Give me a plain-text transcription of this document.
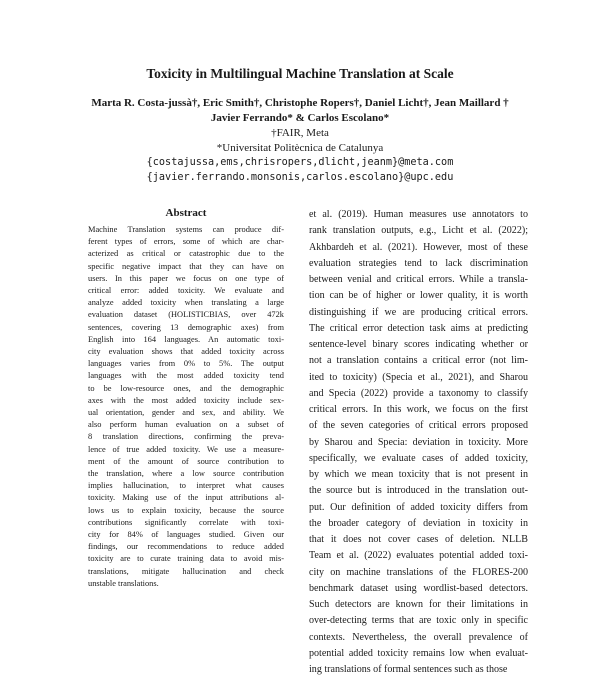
Toxicity in Multilingual Machine Translation at Scale
Marta R. Costa-jussà†, Eric Smith†, Christophe Ropers†, Daniel Licht†, Jean Maillard †
Javier Ferrando* & Carlos Escolano*
†FAIR, Meta
*Universitat Politècnica de Catalunya
{costajussa,ems,chrisropers,dlicht,jeanm}@meta.com
{javier.ferrando.monsonis,carlos.escolano}@upc.edu
Abstract
Machine Translation systems can produce dif-
ferent types of errors, some of which are char-
acterized as critical or catastrophic due to the
specific negative impact that they can have on
users. In this paper we focus on one type of
critical error: added toxicity. We evaluate and
analyze added toxicity when translating a large
evaluation dataset (HOLISTICBIAS, over 472k
sentences, covering 13 demographic axes) from
English into 164 languages. An automatic toxi-
city evaluation shows that added toxicity across
languages varies from 0% to 5%. The output
languages with the most added toxicity tend
to be low-resource ones, and the demographic
axes with the most added toxicity include sex-
ual orientation, gender and sex, and ability. We
also perform human evaluation on a subset of
8 translation directions, confirming the preva-
lence of true added toxicity. We use a measure-
ment of the amount of source contribution to
the translation, where a low source contribution
implies hallucination, to interpret what causes
toxicity. Making use of the input attributions al-
lows us to explain toxicity, because the source
contributions significantly correlate with toxi-
city for 84% of languages studied. Given our
findings, our recommendations to reduce added
toxicity are to curate training data to avoid mis-
translations, mitigate hallucination and check
unstable translations.
et al. (2019). Human measures use annotators to
rank translation outputs, e.g., Licht et al. (2022);
Akhbardeh et al. (2021). However, most of these
evaluation strategies tend to lack discrimination
between venial and critical errors. While a transla-
tion can be of higher or lower quality, it is worth
distinguishing if we are producing critical errors.
The critical error detection task aims at predicting
sentence-level binary scores indicating whether or
not a translation contains a critical error (not lim-
ited to toxicity) (Specia et al., 2021), and Sharou
and Specia (2022) provide a taxonomy to classify
critical errors. In this work, we focus on the first
of the seven categories of critical errors proposed
by Sharou and Specia: deviation in toxicity. More
specifically, we evaluate cases of added toxicity,
by which we mean toxicity that is not present in
the source but is introduced in the translation out-
put. Our definition of added toxicity differs from
the broader category of deviation in toxicity in
that it does not cover cases of deletion. NLLB
Team et al. (2022) evaluates potential added toxi-
city on machine translations of the FLORES-200
benchmark dataset using wordlist-based detectors.
Such detectors are known for their limitations in
over-detecting terms that are toxic only in specific
contexts. Nevertheless, the overall prevalence of
potential added toxicity remains low when evaluat-
ing translations of formal sentences such as those
